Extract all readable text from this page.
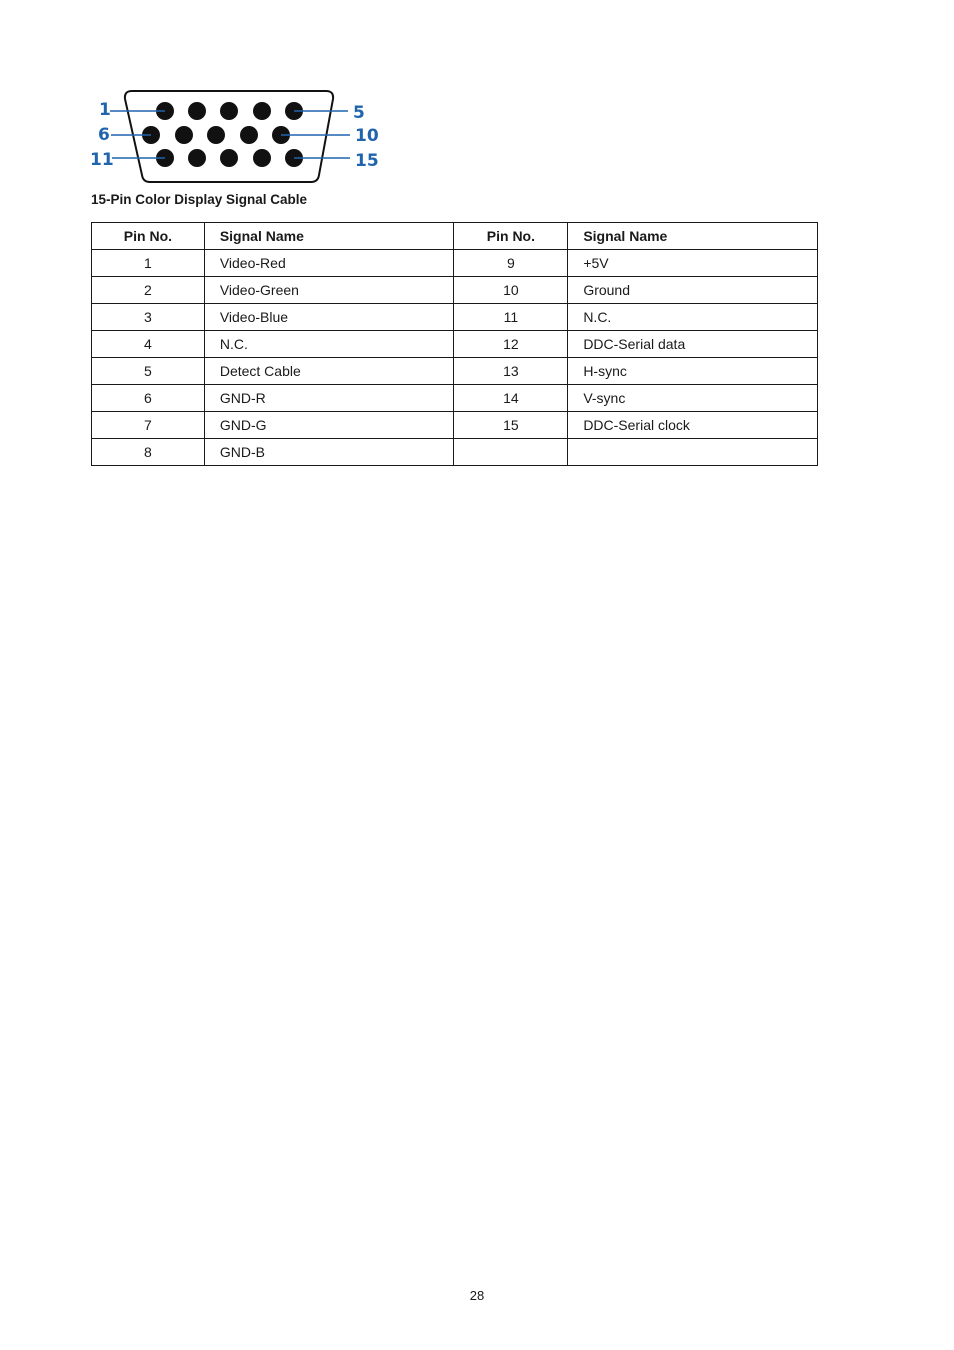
1
6
11
5
10
15

15-Pin Color Display Signal Cable

Pin No.	Signal Name	Pin No.	Signal Name
1	Video-Red	9	+5V
2	Video-Green	10	Ground
3	Video-Blue	11	N.C.
4	N.C.	12	DDC-Serial data
5	Detect Cable	13	H-sync
6	GND-R	14	V-sync
7	GND-G	15	DDC-Serial clock
8	GND-B		
28
